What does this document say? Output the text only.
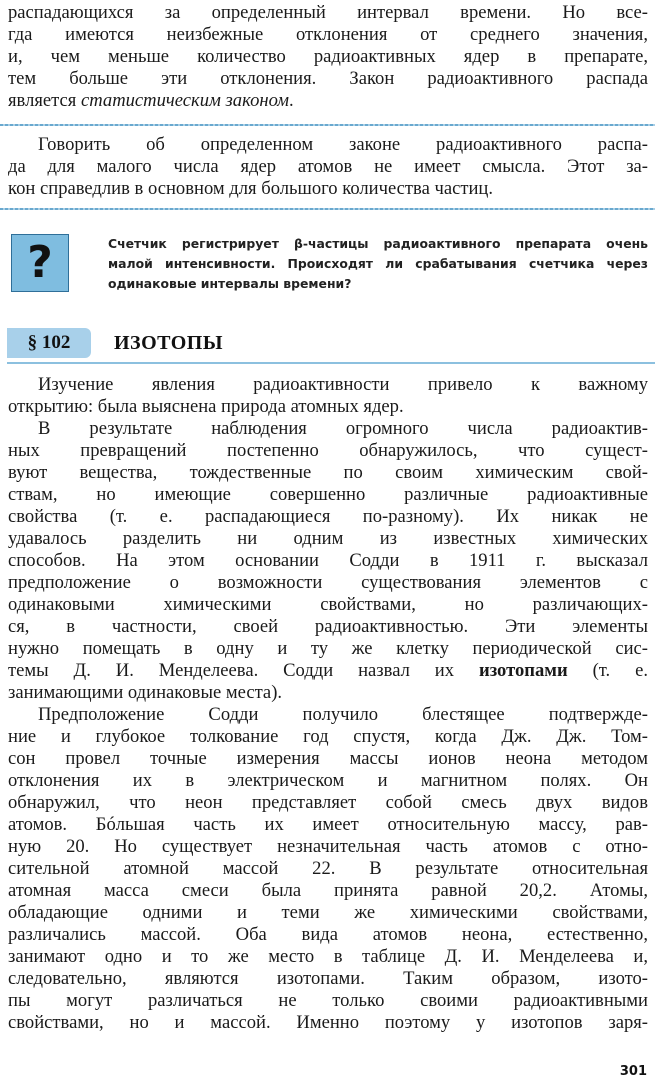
распадающихся за определенный интервал времени. Но все-
гда имеются неизбежные отклонения от среднего значения,
и, чем меньше количество радиоактивных ядер в препарате,
тем больше эти отклонения. Закон радиоактивного распада
является статистическим законом.
Говорить об определенном законе радиоактивного распа-
да для малого числа ядер атомов не имеет смысла. Этот за-
кон справедлив в основном для большого количества частиц.
?	Счетчик регистрирует β-частицы радиоактивного препарата очень
малой интенсивности. Происходят ли срабатывания счетчика через
одинаковые интервалы времени?
§ 102	ИЗОТОПЫ
Изучение явления радиоактивности привело к важному
открытию: была выяснена природа атомных ядер.
В результате наблюдения огромного числа радиоактив-
ных превращений постепенно обнаружилось, что сущест-
вуют вещества, тождественные по своим химическим свой-
ствам, но имеющие совершенно различные радиоактивные
свойства (т. е. распадающиеся по-разному). Их никак не
удавалось разделить ни одним из известных химических
способов. На этом основании Содди в 1911 г. высказал
предположение о возможности существования элементов с
одинаковыми химическими свойствами, но различающих-
ся, в частности, своей радиоактивностью. Эти элементы
нужно помещать в одну и ту же клетку периодической сис-
темы Д. И. Менделеева. Содди назвал их изотопами (т. е.
занимающими одинаковые места).
Предположение Содди получило блестящее подтвержде-
ние и глубокое толкование год спустя, когда Дж. Дж. Том-
сон провел точные измерения массы ионов неона методом
отклонения их в электрическом и магнитном полях. Он
обнаружил, что неон представляет собой смесь двух видов
атомов. Бóльшая часть их имеет относительную массу, рав-
ную 20. Но существует незначительная часть атомов с отно-
сительной атомной массой 22. В результате относительная
атомная масса смеси была принята равной 20,2. Атомы,
обладающие одними и теми же химическими свойствами,
различались массой. Оба вида атомов неона, естественно,
занимают одно и то же место в таблице Д. И. Менделеева и,
следовательно, являются изотопами. Таким образом, изото-
пы могут различаться не только своими радиоактивными
свойствами, но и массой. Именно поэтому у изотопов заря-
301
